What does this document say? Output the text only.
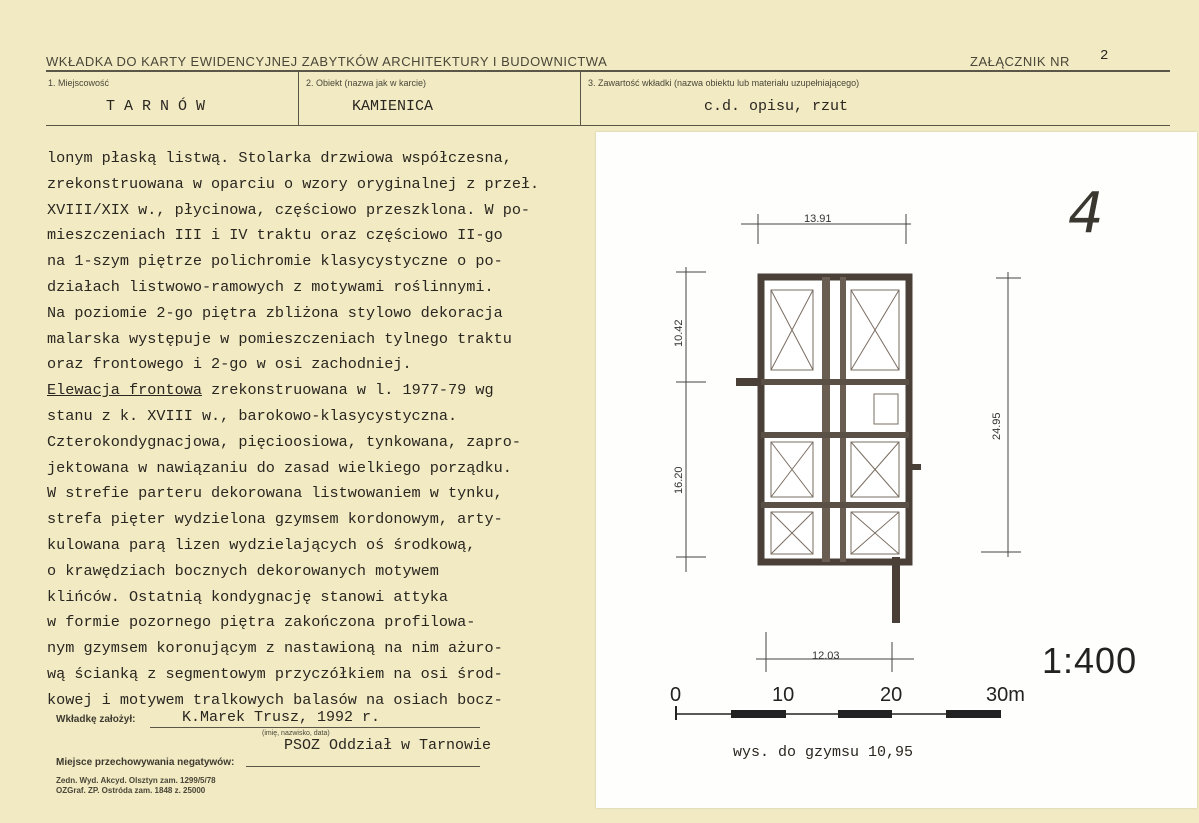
WKŁADKA DO KARTY EWIDENCYJNEJ ZABYTKÓW ARCHITEKTURY I BUDOWNICTWA	ZAŁĄCZNIK NR 2
1. Miejscowość
T A R N Ó W
2. Obiekt (nazwa jak w karcie)
KAMIENICA
3. Zawartość wkładki (nazwa obiektu lub materiału uzupełniającego)
c.d. opisu, rzut
lonym płaską listwą. Stolarka drzwiowa współczesna,
zrekonstruowana w oparciu o wzory oryginalnej z przeł.
XVIII/XIX w., płycinowa, częściowo przeszklona. W po-
mieszczeniach III i IV traktu oraz częściowo II-go
na 1-szym piętrze polichromie klasycystyczne o po-
działach listwowo-ramowych z motywami roślinnymi.
Na poziomie 2-go piętra zbliżona stylowo dekoracja
malarska występuje w pomieszczeniach tylnego traktu
oraz frontowego i 2-go w osi zachodniej.
Elewacja frontowa zrekonstruowana w l. 1977-79 wg
stanu z k. XVIII w., barokowo-klasycystyczna.
Czterokondygnacjowa, pięcioosiowa, tynkowana, zapro-
jektowana w nawiązaniu do zasad wielkiego porządku.
W strefie parteru dekorowana listwowaniem w tynku,
strefa pięter wydzielona gzymsem kordonowym, arty-
kulowana parą lizen wydzielających oś środkową,
o krawędziach bocznych dekorowanych motywem
klińców. Ostatnią kondygnację stanowi attyka
w formie pozornego piętra zakończona profilowa-
nym gzymsem koronującym z nastawioną na nim ażuro-
wą ścianką z segmentowym przyczółkiem na osi środ-
kowej i motywem tralkowych balasów na osiach bocz-
4
13.91
10.42
16.20
24.95
12.03	1:400
0	10	20	30m
wys. do gzymsu 10,95
Wkładkę założył:	K.Marek Trusz, 1992 r.
(imię, nazwisko, data)
PSOZ Oddział w Tarnowie
Miejsce przechowywania negatywów:
Zedn. Wyd. Akcyd. Olsztyn zam. 1299/5/78
OZGraf. ZP. Ostróda zam. 1848 z. 25000
